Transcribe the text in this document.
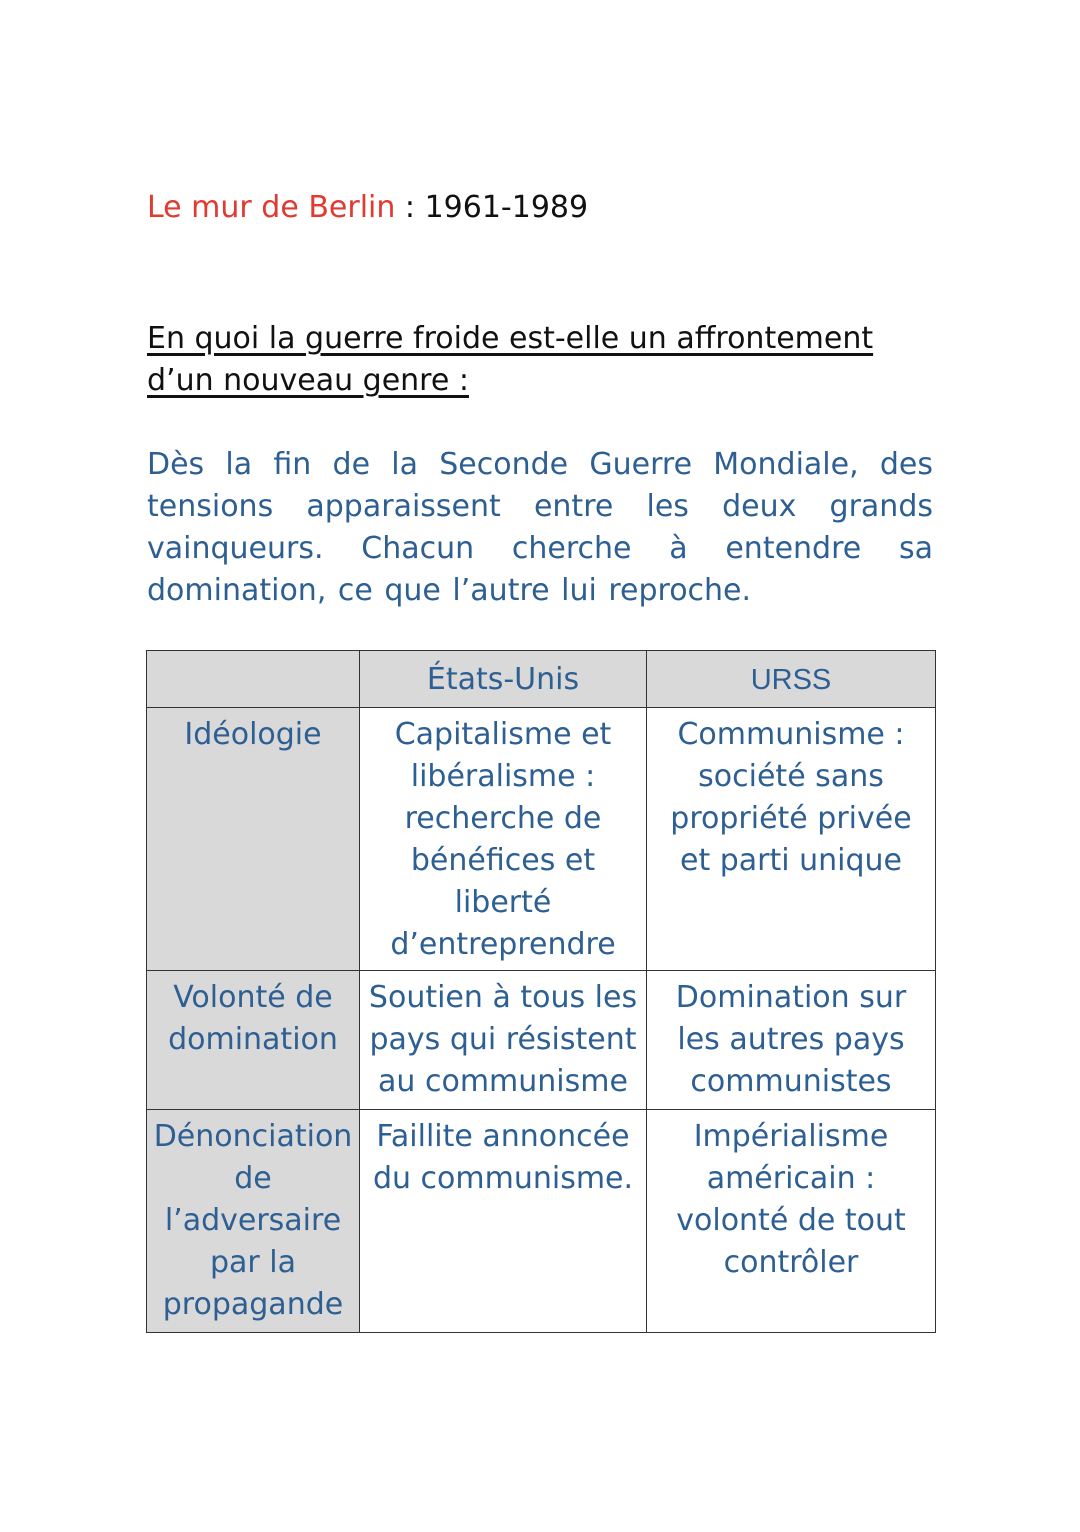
Le mur de Berlin : 1961-1989
En quoi la guerre froide est-elle un affrontement d’un nouveau genre :
Dès la fin de la Seconde Guerre Mondiale, des tensions apparaissent entre les deux grands vainqueurs. Chacun cherche à entendre sa domination, ce que l’autre lui reproche.
	États-Unis	URSS
Idéologie	Capitalisme et libéralisme : recherche de bénéfices et liberté d’entreprendre	Communisme : société sans propriété privée et parti unique
Volonté de domination	Soutien à tous les pays qui résistent au communisme	Domination sur les autres pays communistes
Dénonciation de l’adversaire par la propagande	Faillite annoncée du communisme.	Impérialisme américain : volonté de tout contrôler
